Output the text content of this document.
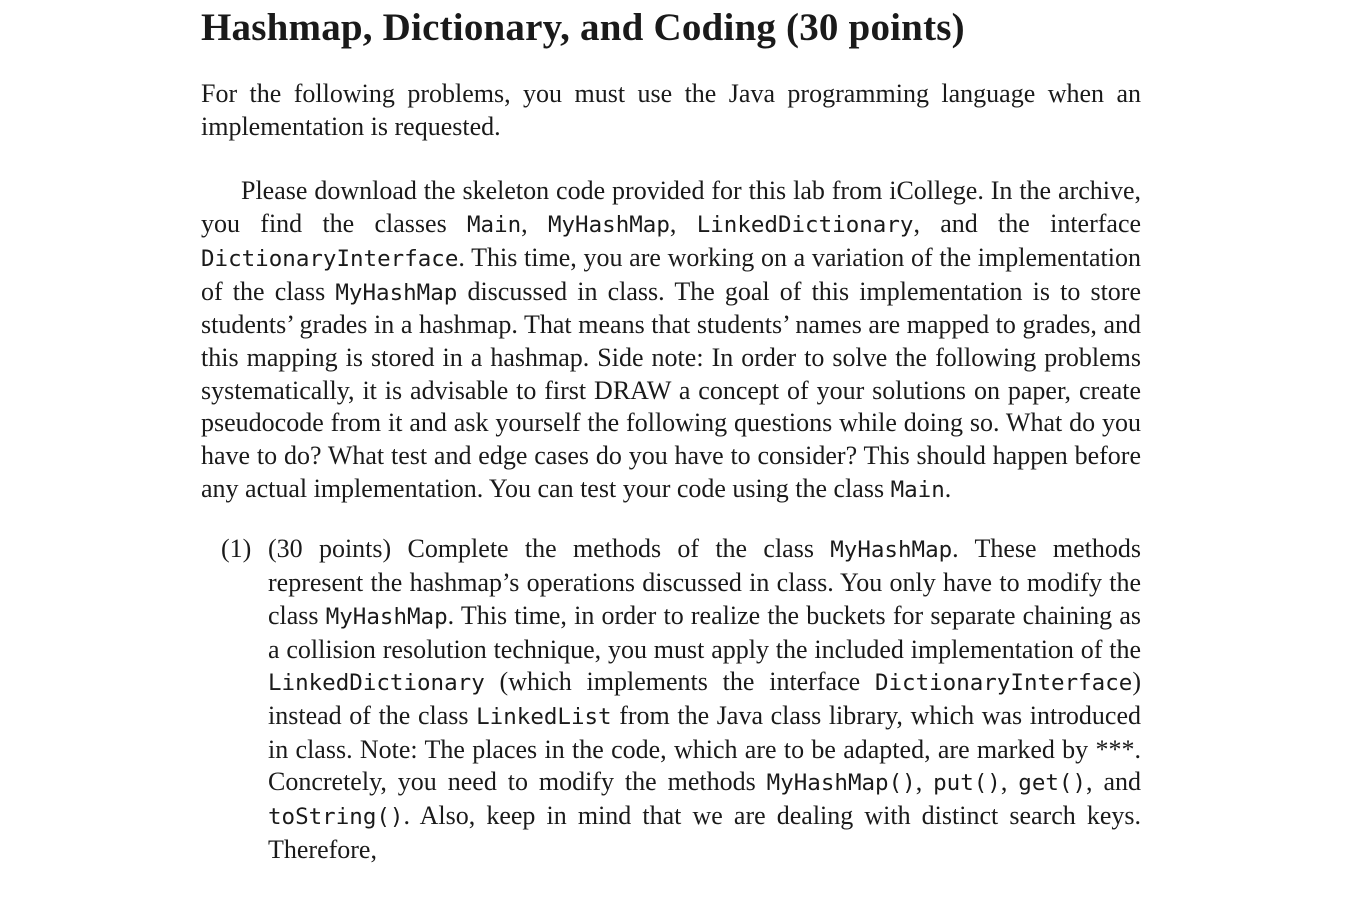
Hashmap, Dictionary, and Coding (30 points)

For the following problems, you must use the Java programming language when an implementation is requested.

Please download the skeleton code provided for this lab from iCollege. In the archive, you find the classes Main, MyHashMap, LinkedDictionary, and the interface DictionaryInterface. This time, you are working on a variation of the implementation of the class MyHashMap discussed in class. The goal of this implementation is to store students’ grades in a hashmap. That means that students’ names are mapped to grades, and this mapping is stored in a hashmap. Side note: In order to solve the following problems systematically, it is advisable to first DRAW a concept of your solutions on paper, create pseudocode from it and ask yourself the following questions while doing so. What do you have to do? What test and edge cases do you have to consider? This should happen before any actual implementation. You can test your code using the class Main.

(1) (30 points) Complete the methods of the class MyHashMap. These methods represent the hashmap’s operations discussed in class. You only have to modify the class MyHashMap. This time, in order to realize the buckets for separate chaining as a collision resolution technique, you must apply the included implementation of the LinkedDictionary (which implements the interface DictionaryInterface) instead of the class LinkedList from the Java class library, which was introduced in class. Note: The places in the code, which are to be adapted, are marked by ***. Concretely, you need to modify the methods MyHashMap(), put(), get(), and toString(). Also, keep in mind that we are dealing with distinct search keys. Therefore,
